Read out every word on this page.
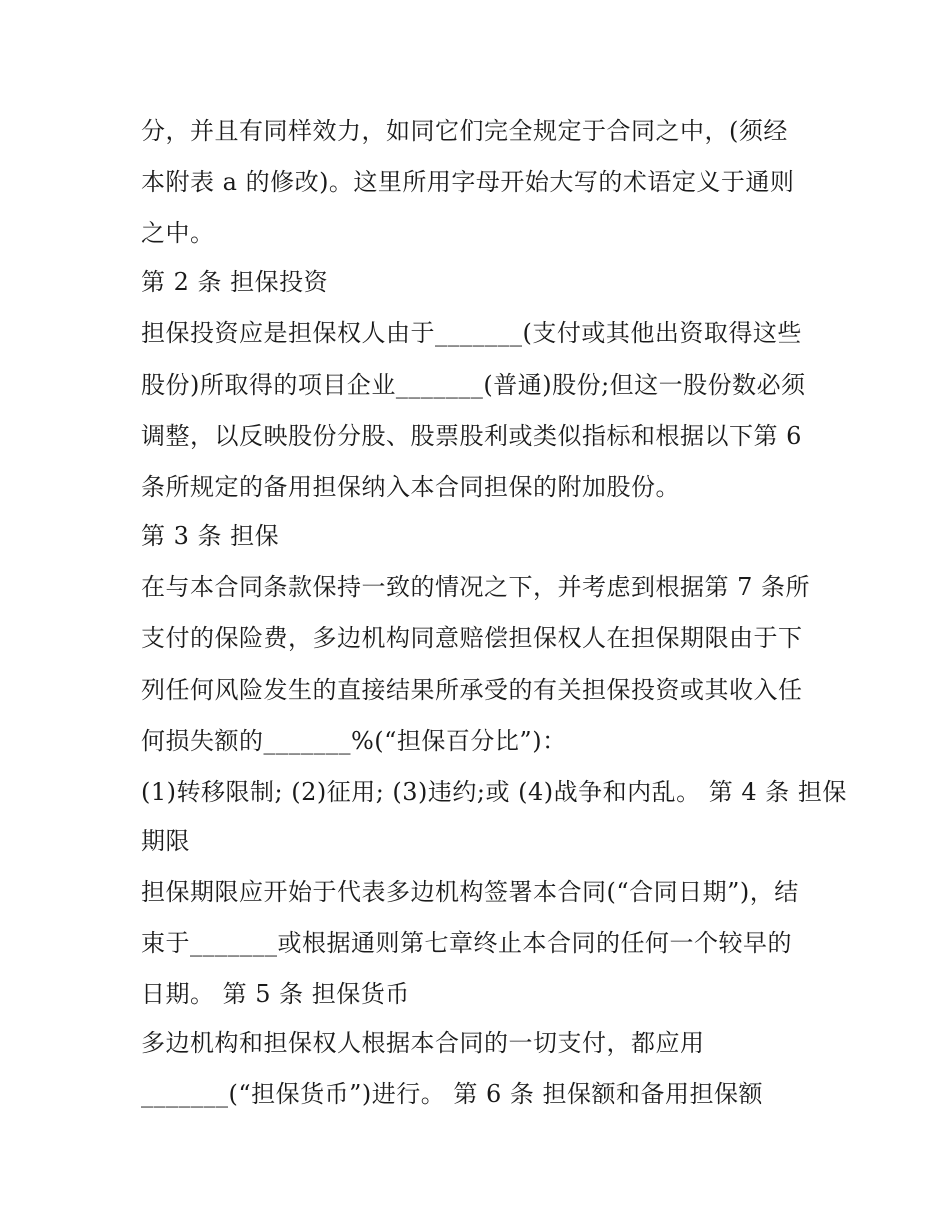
分，并且有同样效力，如同它们完全规定于合同之中，(须经
本附表 a 的修改)。这里所用字母开始大写的术语定义于通则
之中。
第 2 条 担保投资
担保投资应是担保权人由于_______(支付或其他出资取得这些
股份)所取得的项目企业_______(普通)股份;但这一股份数必须
调整，以反映股份分股、股票股利或类似指标和根据以下第 6
条所规定的备用担保纳入本合同担保的附加股份。
第 3 条 担保
在与本合同条款保持一致的情况之下，并考虑到根据第 7 条所
支付的保险费，多边机构同意赔偿担保权人在担保期限由于下
列任何风险发生的直接结果所承受的有关担保投资或其收入任
何损失额的_______%(“担保百分比”)：
(1)转移限制; (2)征用; (3)违约;或 (4)战争和内乱。 第 4 条 担保
期限
担保期限应开始于代表多边机构签署本合同(“合同日期”)，结
束于_______或根据通则第七章终止本合同的任何一个较早的
日期。 第 5 条 担保货币
多边机构和担保权人根据本合同的一切支付，都应用
_______(“担保货币”)进行。 第 6 条 担保额和备用担保额
